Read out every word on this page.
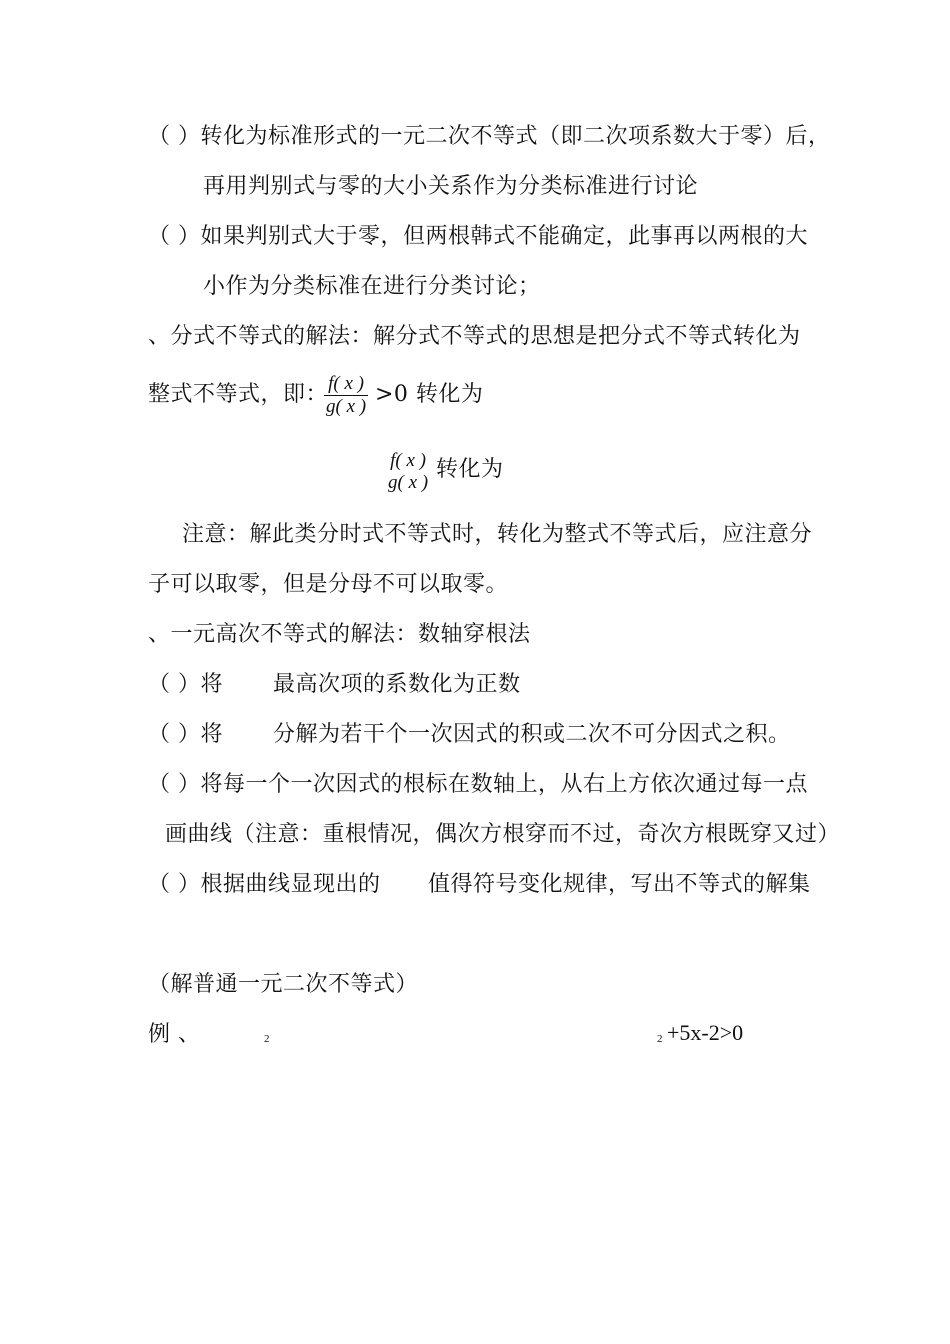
（ ）转化为标准形式的一元二次不等式（即二次项系数大于零）后，
再用判别式与零的大小关系作为分类标准进行讨论
（ ）如果判别式大于零，但两根韩式不能确定，此事再以两根的大
小作为分类标准在进行分类讨论；
、分式不等式的解法：解分式不等式的思想是把分式不等式转化为
整式不等式，即：
$\frac{f( x )}{g( x )} >0$ 转化为
f( x )
g( x )
转化为
注意：解此类分时式不等式时，转化为整式不等式后，应注意分
子可以取零，但是分母不可以取零。
、一元高次不等式的解法：数轴穿根法
（ ）将 最高次项的系数化为正数
（ ）将 分解为若干个一次因式的积或二次不可分因式之积。
（ ）将每一个一次因式的根标在数轴上，从右上方依次通过每一点
画曲线（注意：重根情况，偶次方根穿而不过，奇次方根既穿又过）
（ ）根据曲线显现出的 值得符号变化规律，写出不等式的解集
（解普通一元二次不等式）
例 、	2	2 +5x-2>0
